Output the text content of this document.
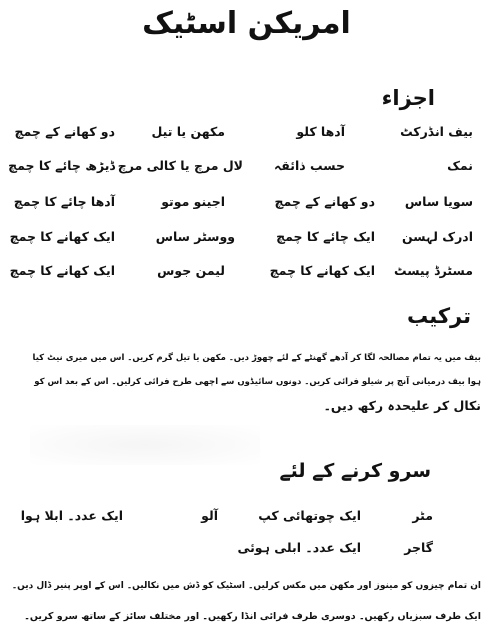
امریکن اسٹیک
اجزاء
بیف انڈرکٹ
آدھا کلو
مکھن یا تیل
دو کھانے کے چمچ
نمک
حسب ذائقہ
لال مرچ یا کالی مرچ
ڈیڑھ چائے کا چمچ
سویا ساس
دو کھانے کے چمچ
اجینو موتو
آدھا چائے کا چمچ
ادرک لہسن
ایک چائے کا چمچ
ووسٹر ساس
ایک کھانے کا چمچ
مسٹرڈ پیسٹ
ایک کھانے کا چمچ
لیمن جوس
ایک کھانے کا چمچ
ترکیب
بیف میں یہ تمام مصالحہ لگا کر آدھے گھنٹے کے لئے چھوڑ دیں۔ مکھن یا تیل گرم کریں۔ اس میں میری نیٹ کیا
ہوا بیف درمیانی آنچ پر شیلو فرائی کریں۔ دونوں سائیڈوں سے اچھی طرح فرائی کرلیں۔ اس کے بعد اس کو
نکال کر علیحدہ رکھ دیں۔
سرو کرنے کے لئے
مٹر
ایک چوتھائی کپ
آلو
ایک عدد۔ ابلا ہوا
گاجر
ایک عدد۔ ابلی ہوئی
ان تمام چیزوں کو مینوز اور مکھن میں مکس کرلیں۔ اسٹیک کو ڈش میں نکالیں۔ اس کے اوپر پنیر ڈال دیں۔
ایک طرف سبزیاں رکھیں۔ دوسری طرف فرائی انڈا رکھیں۔ اور مختلف سائز کے ساتھ سرو کریں۔
